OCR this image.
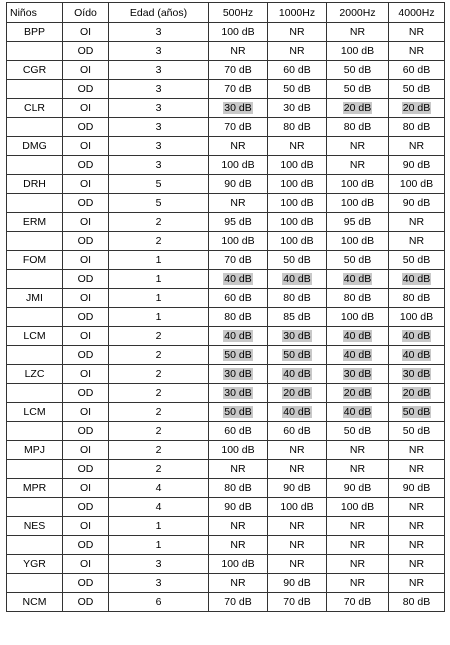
Niños	Oído	Edad (años)	500Hz	1000Hz	2000Hz	4000Hz
BPP	OI	3	100 dB	NR	NR	NR
	OD	3	NR	NR	100 dB	NR
CGR	OI	3	70 dB	60 dB	50 dB	60 dB
	OD	3	70 dB	50 dB	50 dB	50 dB
CLR	OI	3	30 dB	30 dB	20 dB	20 dB
	OD	3	70 dB	80 dB	80 dB	80 dB
DMG	OI	3	NR	NR	NR	NR
	OD	3	100 dB	100 dB	NR	90 dB
DRH	OI	5	90 dB	100 dB	100 dB	100 dB
	OD	5	NR	100 dB	100 dB	90 dB
ERM	OI	2	95 dB	100 dB	95 dB	NR
	OD	2	100 dB	100 dB	100 dB	NR
FOM	OI	1	70 dB	50 dB	50 dB	50 dB
	OD	1	40 dB	40 dB	40 dB	40 dB
JMI	OI	1	60 dB	80 dB	80 dB	80 dB
	OD	1	80 dB	85 dB	100 dB	100 dB
LCM	OI	2	40 dB	30 dB	40 dB	40 dB
	OD	2	50 dB	50 dB	40 dB	40 dB
LZC	OI	2	30 dB	40 dB	30 dB	30 dB
	OD	2	30 dB	20 dB	20 dB	20 dB
LCM	OI	2	50 dB	40 dB	40 dB	50 dB
	OD	2	60 dB	60 dB	50 dB	50 dB
MPJ	OI	2	100 dB	NR	NR	NR
	OD	2	NR	NR	NR	NR
MPR	OI	4	80 dB	90 dB	90 dB	90 dB
	OD	4	90 dB	100 dB	100 dB	NR
NES	OI	1	NR	NR	NR	NR
	OD	1	NR	NR	NR	NR
YGR	OI	3	100 dB	NR	NR	NR
	OD	3	NR	90 dB	NR	NR
NCM	OD	6	70 dB	70 dB	70 dB	80 dB
